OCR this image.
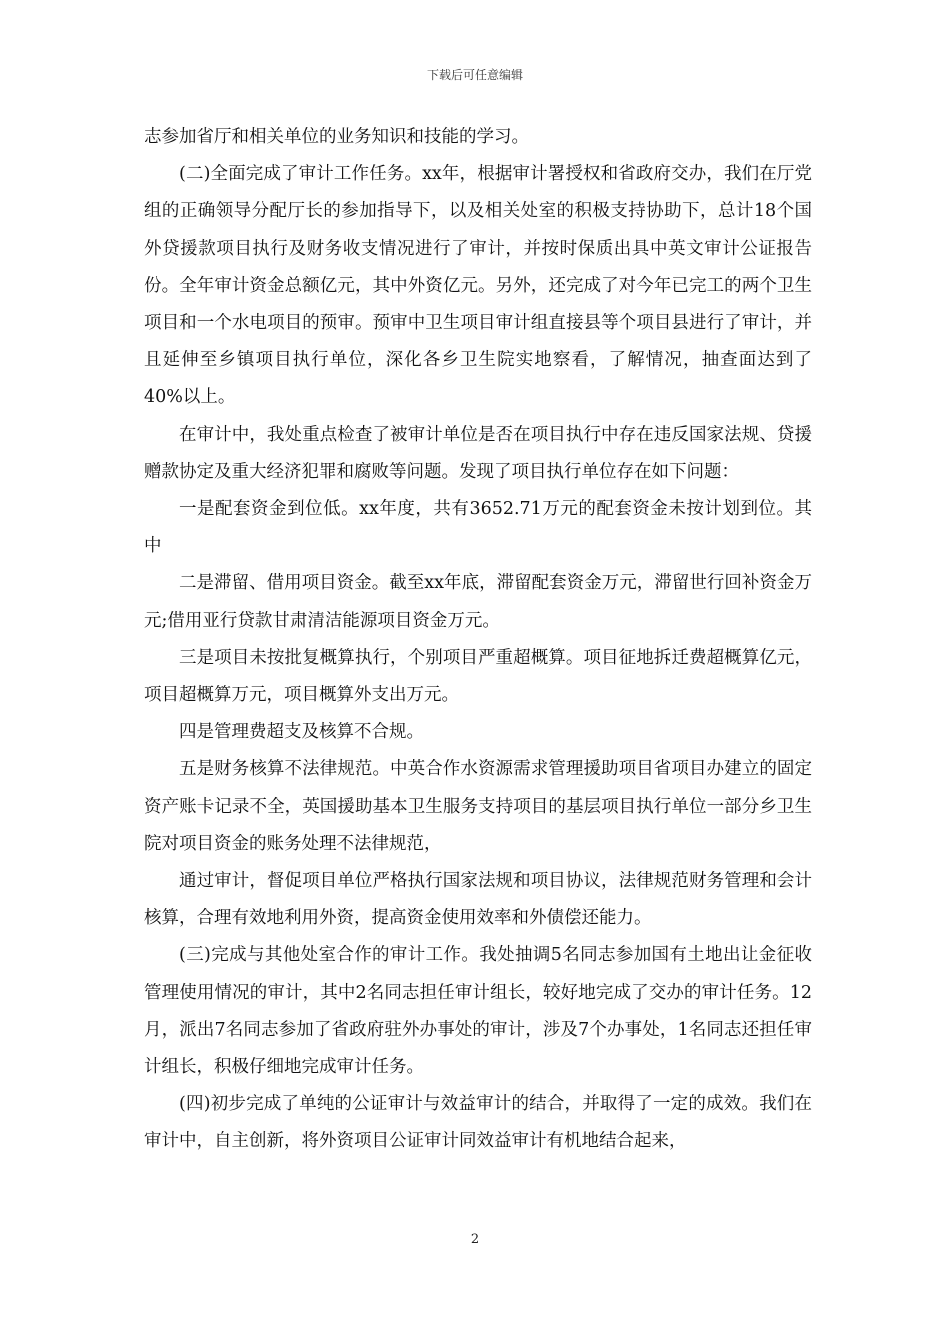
下载后可任意编辑

志参加省厅和相关单位的业务知识和技能的学习。

(二)全面完成了审计工作任务。xx年，根据审计署授权和省政府交办，我们在厅党组的正确领导分配厅长的参加指导下，以及相关处室的积极支持协助下，总计18个国外贷援款项目执行及财务收支情况进行了审计，并按时保质出具中英文审计公证报告份。全年审计资金总额亿元，其中外资亿元。另外，还完成了对今年已完工的两个卫生项目和一个水电项目的预审。预审中卫生项目审计组直接县等个项目县进行了审计，并且延伸至乡镇项目执行单位，深化各乡卫生院实地察看，了解情况，抽查面达到了40%以上。

在审计中，我处重点检查了被审计单位是否在项目执行中存在违反国家法规、贷援赠款协定及重大经济犯罪和腐败等问题。发现了项目执行单位存在如下问题：

一是配套资金到位低。xx年度，共有3652.71万元的配套资金未按计划到位。其中

二是滞留、借用项目资金。截至xx年底，滞留配套资金万元，滞留世行回补资金万元;借用亚行贷款甘肃清洁能源项目资金万元。

三是项目未按批复概算执行，个别项目严重超概算。项目征地拆迁费超概算亿元，项目超概算万元，项目概算外支出万元。

四是管理费超支及核算不合规。

五是财务核算不法律规范。中英合作水资源需求管理援助项目省项目办建立的固定资产账卡记录不全，英国援助基本卫生服务支持项目的基层项目执行单位一部分乡卫生院对项目资金的账务处理不法律规范，

通过审计，督促项目单位严格执行国家法规和项目协议，法律规范财务管理和会计核算，合理有效地利用外资，提高资金使用效率和外债偿还能力。

(三)完成与其他处室合作的审计工作。我处抽调5名同志参加国有土地出让金征收管理使用情况的审计，其中2名同志担任审计组长，较好地完成了交办的审计任务。12月，派出7名同志参加了省政府驻外办事处的审计，涉及7个办事处，1名同志还担任审计组长，积极仔细地完成审计任务。

(四)初步完成了单纯的公证审计与效益审计的结合，并取得了一定的成效。我们在审计中，自主创新，将外资项目公证审计同效益审计有机地结合起来，

2
